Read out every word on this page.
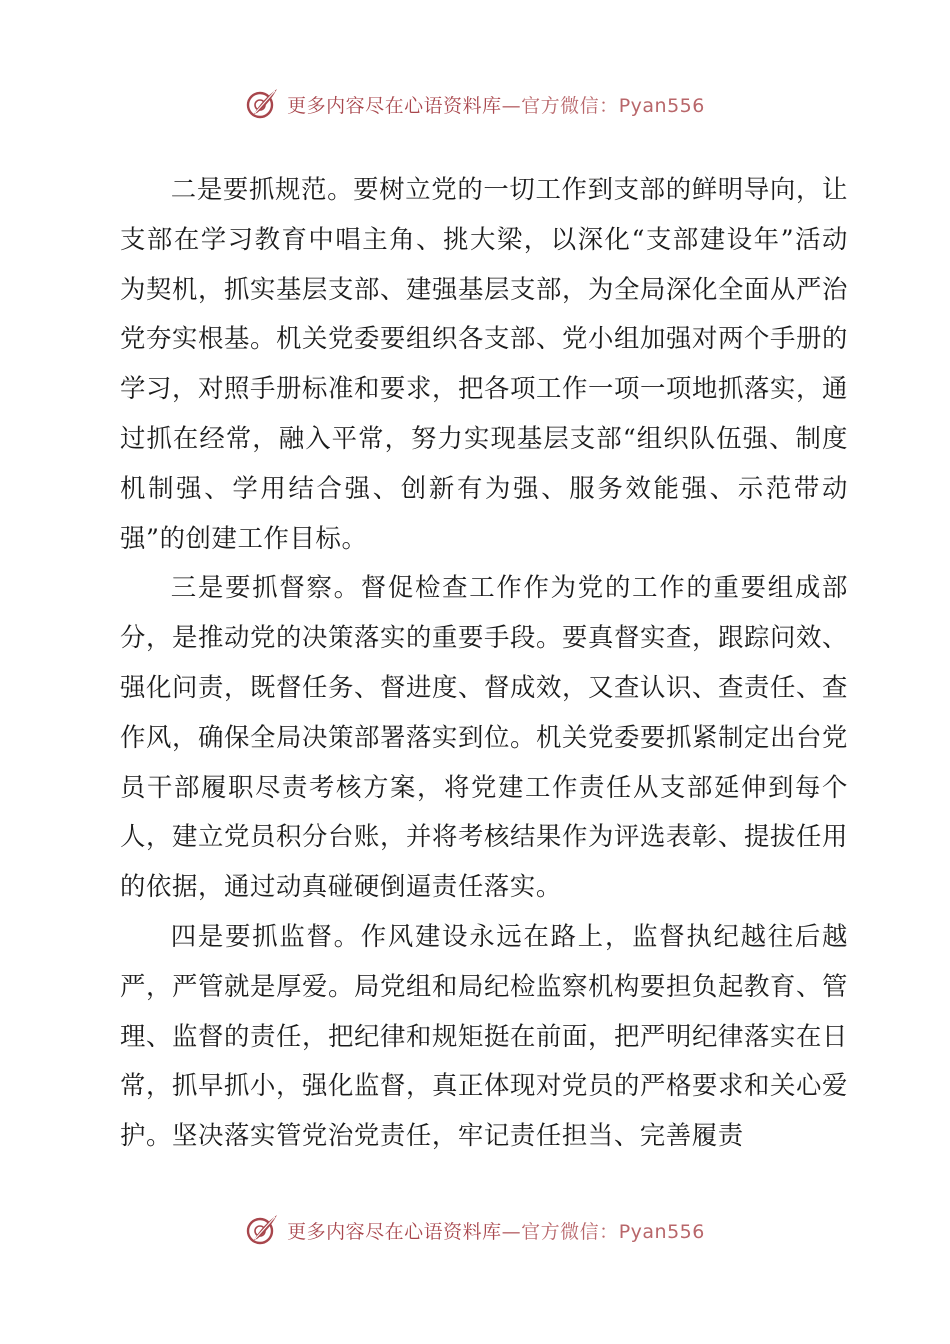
更多内容尽在心语资料库—官方微信：Pyan556

二是要抓规范。要树立党的一切工作到支部的鲜明导向，让支部在学习教育中唱主角、挑大梁，以深化“支部建设年”活动为契机，抓实基层支部、建强基层支部，为全局深化全面从严治党夯实根基。机关党委要组织各支部、党小组加强对两个手册的学习，对照手册标准和要求，把各项工作一项一项地抓落实，通过抓在经常，融入平常，努力实现基层支部“组织队伍强、制度机制强、学用结合强、创新有为强、服务效能强、示范带动强”的创建工作目标。

三是要抓督察。督促检查工作作为党的工作的重要组成部分，是推动党的决策落实的重要手段。要真督实查，跟踪问效、强化问责，既督任务、督进度、督成效，又查认识、查责任、查作风，确保全局决策部署落实到位。机关党委要抓紧制定出台党员干部履职尽责考核方案，将党建工作责任从支部延伸到每个人，建立党员积分台账，并将考核结果作为评选表彰、提拔任用的依据，通过动真碰硬倒逼责任落实。

四是要抓监督。作风建设永远在路上，监督执纪越往后越严，严管就是厚爱。局党组和局纪检监察机构要担负起教育、管理、监督的责任，把纪律和规矩挺在前面，把严明纪律落实在日常，抓早抓小，强化监督，真正体现对党员的严格要求和关心爱护。坚决落实管党治党责任，牢记责任担当、完善履责

更多内容尽在心语资料库—官方微信：Pyan556
